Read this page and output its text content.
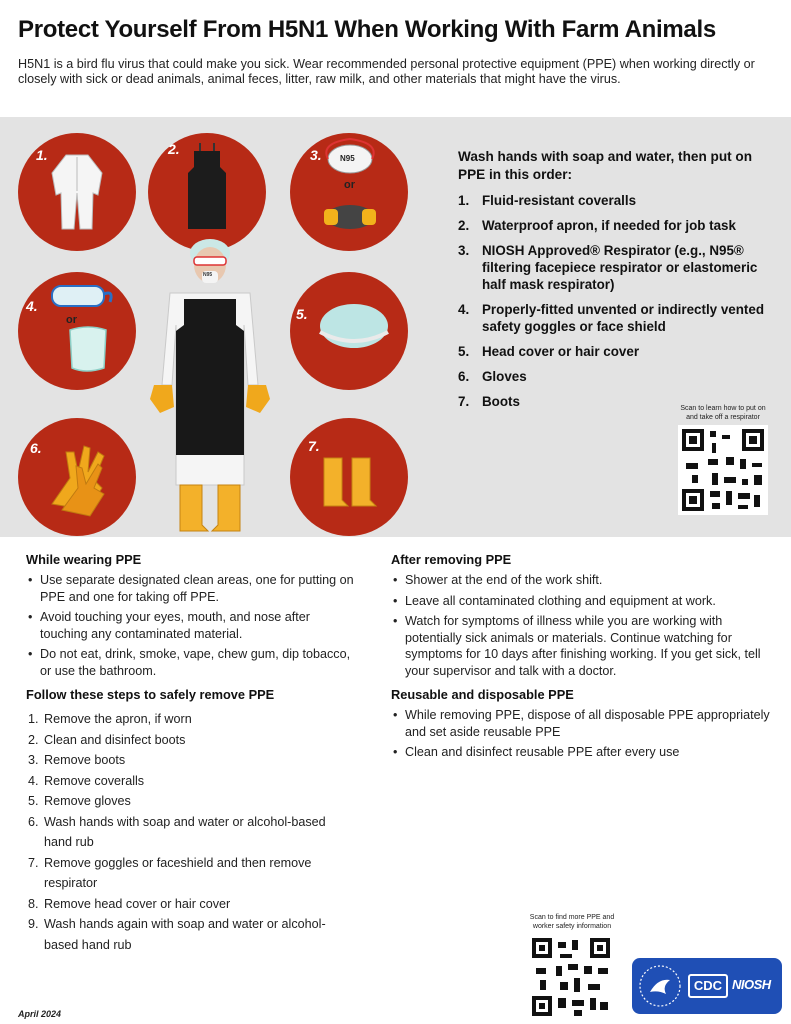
Protect Yourself From H5N1 When Working With Farm Animals
H5N1 is a bird flu virus that could make you sick. Wear recommended personal protective equipment (PPE) when working directly or closely with sick or dead animals, animal feces, litter, raw milk, and other materials that might have the virus.
1.	2.
N95
3.
or
4.
or	5.
6.	7.
N95
Wash hands with soap and water, then put on PPE in this order:
1. Fluid-resistant coveralls
2. Waterproof apron, if needed for job task
3. NIOSH Approved® Respirator (e.g., N95® filtering facepiece respirator or elastomeric half mask respirator)
4. Properly-fitted unvented or indirectly vented safety goggles or face shield
5. Head cover or hair cover
6. Gloves
7. Boots	Scan to learn how to put on and take off a respirator
While wearing PPE
• Use separate designated clean areas, one for putting on PPE and one for taking off PPE.
• Avoid touching your eyes, mouth, and nose after touching any contaminated material.
• Do not eat, drink, smoke, vape, chew gum, dip tobacco, or use the bathroom.
Follow these steps to safely remove PPE
1. Remove the apron, if worn
2. Clean and disinfect boots
3. Remove boots
4. Remove coveralls
5. Remove gloves
6. Wash hands with soap and water or alcohol-based hand rub
7. Remove goggles or faceshield and then remove respirator
8. Remove head cover or hair cover
9. Wash hands again with soap and water or alcohol-based hand rub
After removing PPE
• Shower at the end of the work shift.
• Leave all contaminated clothing and equipment at work.
• Watch for symptoms of illness while you are working with potentially sick animals or materials. Continue watching for symptoms for 10 days after finishing working. If you get sick, tell your supervisor and talk with a doctor.
Reusable and disposable PPE
• While removing PPE, dispose of all disposable PPE appropriately and set aside reusable PPE
• Clean and disinfect reusable PPE after every use
Scan to find more PPE and worker safety information
April 2024
CDC NIOSH
